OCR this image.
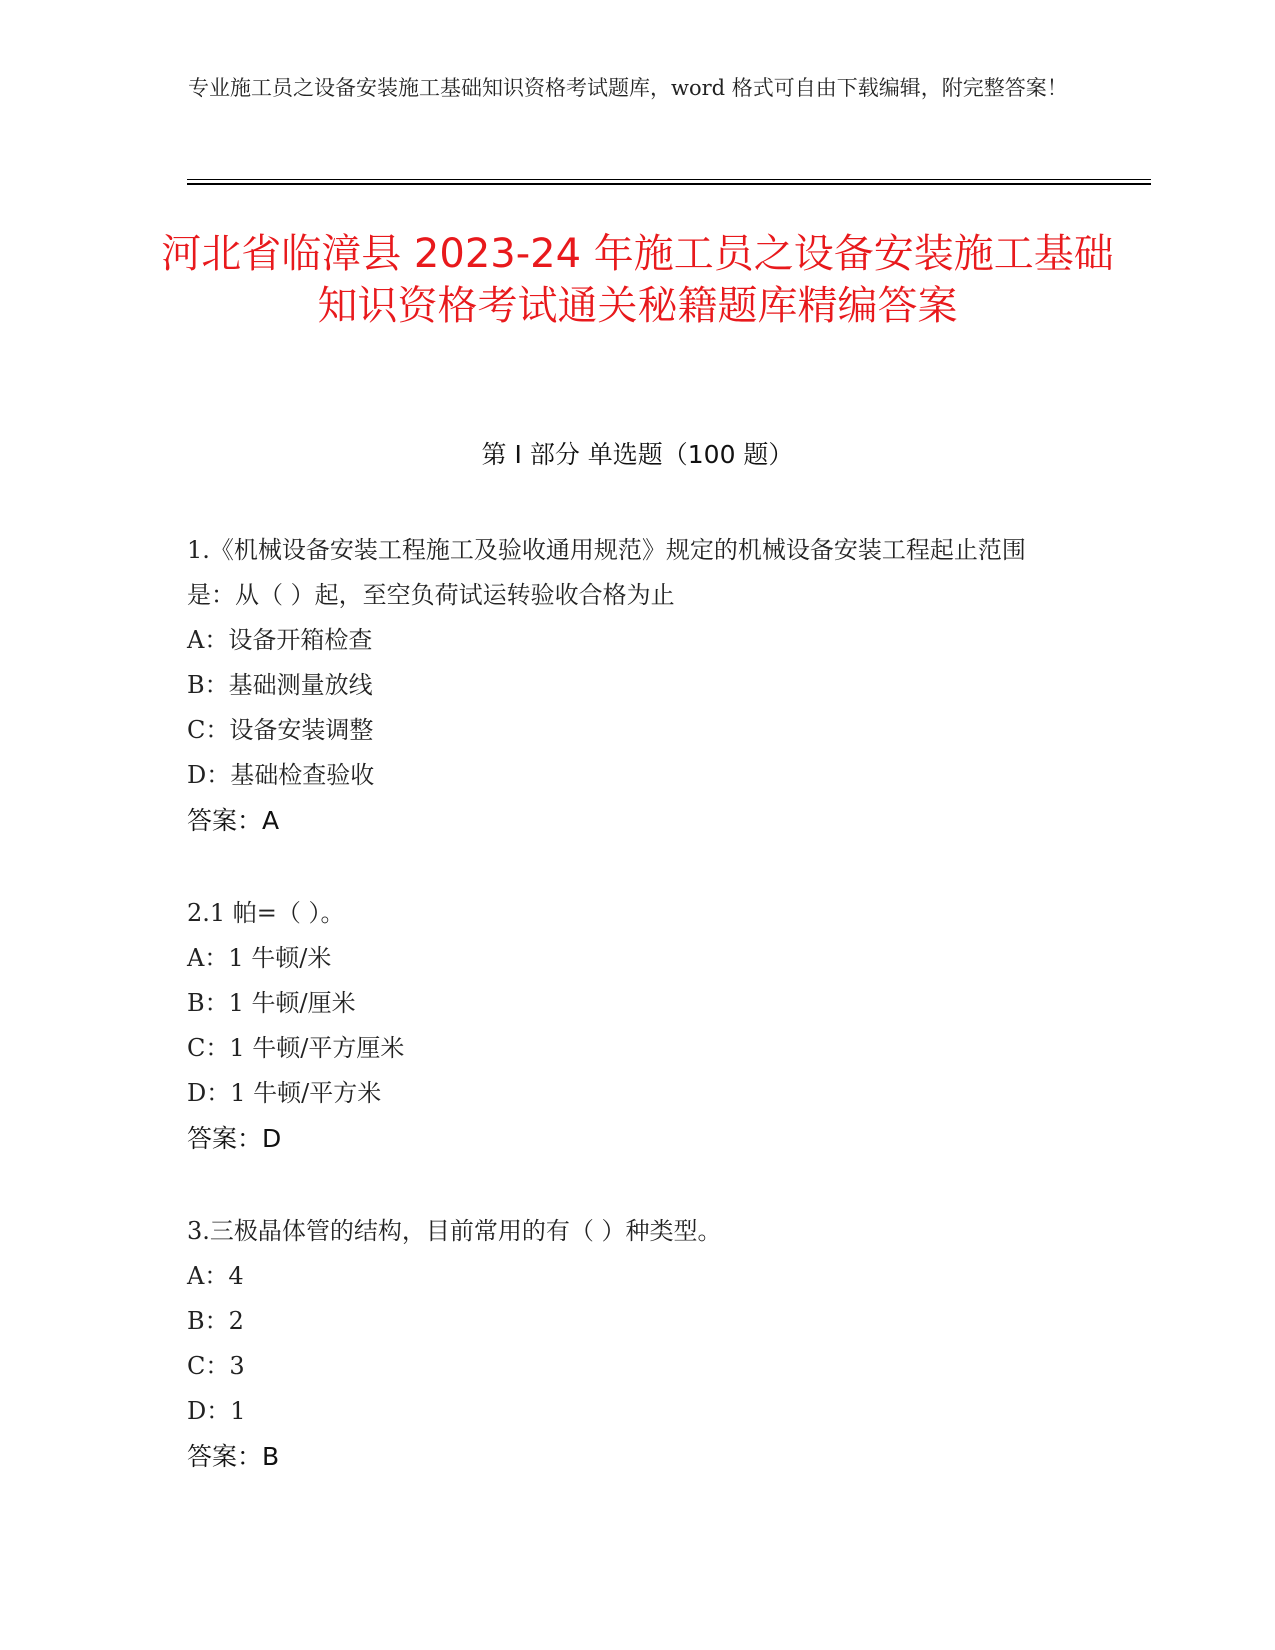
专业施工员之设备安装施工基础知识资格考试题库，word 格式可自由下载编辑，附完整答案！
河北省临漳县 2023-24 年施工员之设备安装施工基础知识资格考试通关秘籍题库精编答案
第 I 部分 单选题（100 题）

1.《机械设备安装工程施工及验收通用规范》规定的机械设备安装工程起止范围是：从（ ）起，至空负荷试运转验收合格为止

A：设备开箱检查

B：基础测量放线

C：设备安装调整

D：基础检查验收

答案：A

2.1 帕=（ ）。

A：1 牛顿/米

B：1 牛顿/厘米

C：1 牛顿/平方厘米

D：1 牛顿/平方米

答案：D

3.三极晶体管的结构，目前常用的有（ ）种类型。

A：4

B：2

C：3

D：1

答案：B
